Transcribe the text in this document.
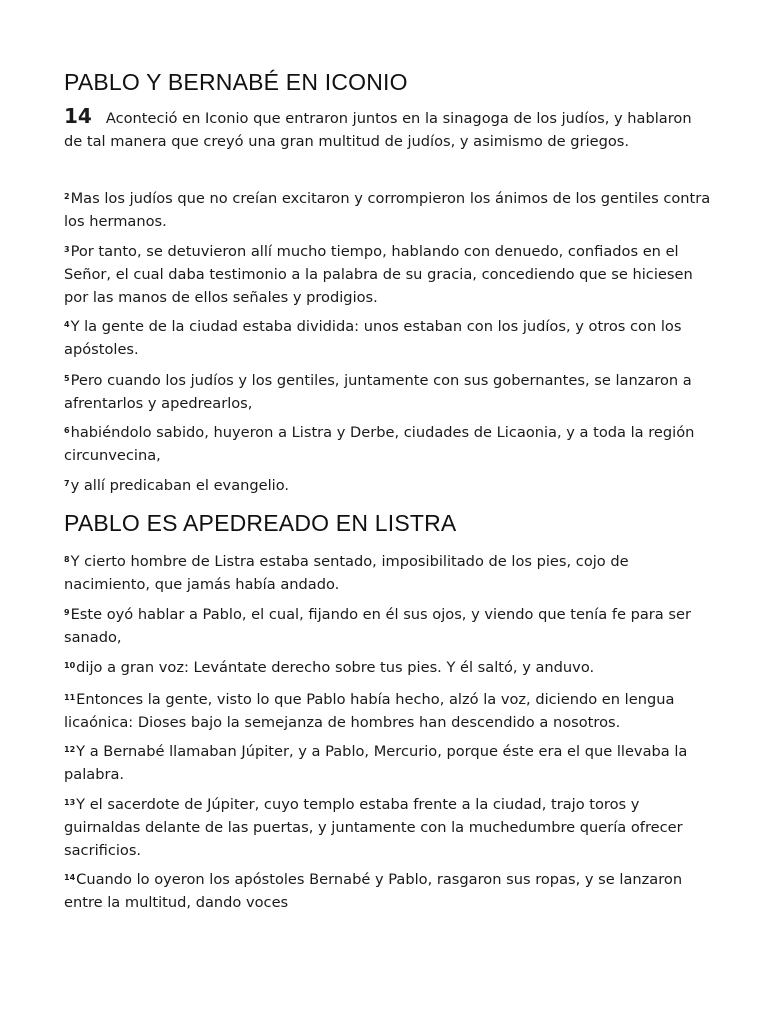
PABLO Y BERNABÉ EN ICONIO

14 Aconteció en Iconio que entraron juntos en la sinagoga de los judíos, y hablaron de tal manera que creyó una gran multitud de judíos, y asimismo de griegos.

$^2$Mas los judíos que no creían excitaron y corrompieron los ánimos de los gentiles contra los hermanos.

$^3$Por tanto, se detuvieron allí mucho tiempo, hablando con denuedo, confiados en el Señor, el cual daba testimonio a la palabra de su gracia, concediendo que se hiciesen por las manos de ellos señales y prodigios.

$^4$Y la gente de la ciudad estaba dividida: unos estaban con los judíos, y otros con los apóstoles.

$^5$Pero cuando los judíos y los gentiles, juntamente con sus gobernantes, se lanzaron a afrentarlos y apedrearlos,

$^6$habiéndolo sabido, huyeron a Listra y Derbe, ciudades de Licaonia, y a toda la región circunvecina,

$^7$y allí predicaban el evangelio.

PABLO ES APEDREADO EN LISTRA

$^8$Y cierto hombre de Listra estaba sentado, imposibilitado de los pies, cojo de nacimiento, que jamás había andado.

$^9$Este oyó hablar a Pablo, el cual, fijando en él sus ojos, y viendo que tenía fe para ser sanado,

$^{10}$dijo a gran voz: Levántate derecho sobre tus pies. Y él saltó, y anduvo.

$^{11}$Entonces la gente, visto lo que Pablo había hecho, alzó la voz, diciendo en lengua licaónica: Dioses bajo la semejanza de hombres han descendido a nosotros.

$^{12}$Y a Bernabé llamaban Júpiter, y a Pablo, Mercurio, porque éste era el que llevaba la palabra.

$^{13}$Y el sacerdote de Júpiter, cuyo templo estaba frente a la ciudad, trajo toros y guirnaldas delante de las puertas, y juntamente con la muchedumbre quería ofrecer sacrificios.

$^{14}$Cuando lo oyeron los apóstoles Bernabé y Pablo, rasgaron sus ropas, y se lanzaron entre la multitud, dando voces
